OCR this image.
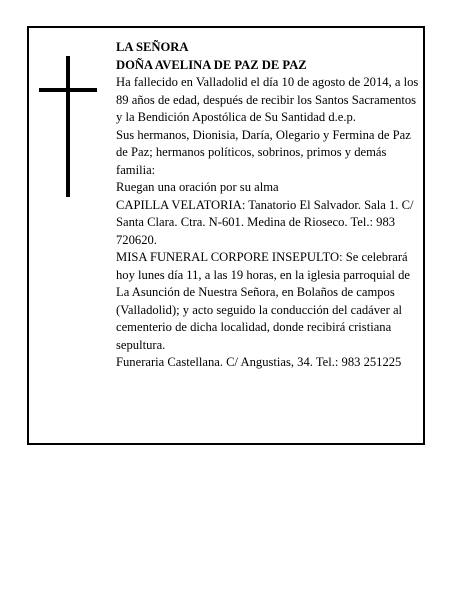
LA SEÑORA

DOÑA AVELINA DE PAZ DE PAZ

Ha fallecido en Valladolid el día 10 de agosto de 2014, a los 89 años de edad, después de recibir los Santos Sacramentos y la Bendición Apostólica de Su Santidad d.e.p.

Sus hermanos, Dionisia, Daría, Olegario y Fermina de Paz de Paz; hermanos políticos, sobrinos, primos y demás familia:

Ruegan una oración por su alma

CAPILLA VELATORIA: Tanatorio El Salvador. Sala 1. C/ Santa Clara. Ctra. N-601. Medina de Rioseco. Tel.: 983 720620.

MISA FUNERAL CORPORE INSEPULTO: Se celebrará hoy lunes día 11, a las 19 horas, en la iglesia parroquial de La Asunción de Nuestra Señora, en Bolaños de campos (Valladolid); y acto seguido la conducción del cadáver al cementerio de dicha localidad, donde recibirá cristiana sepultura.

Funeraria Castellana. C/ Angustias, 34. Tel.: 983 251225
